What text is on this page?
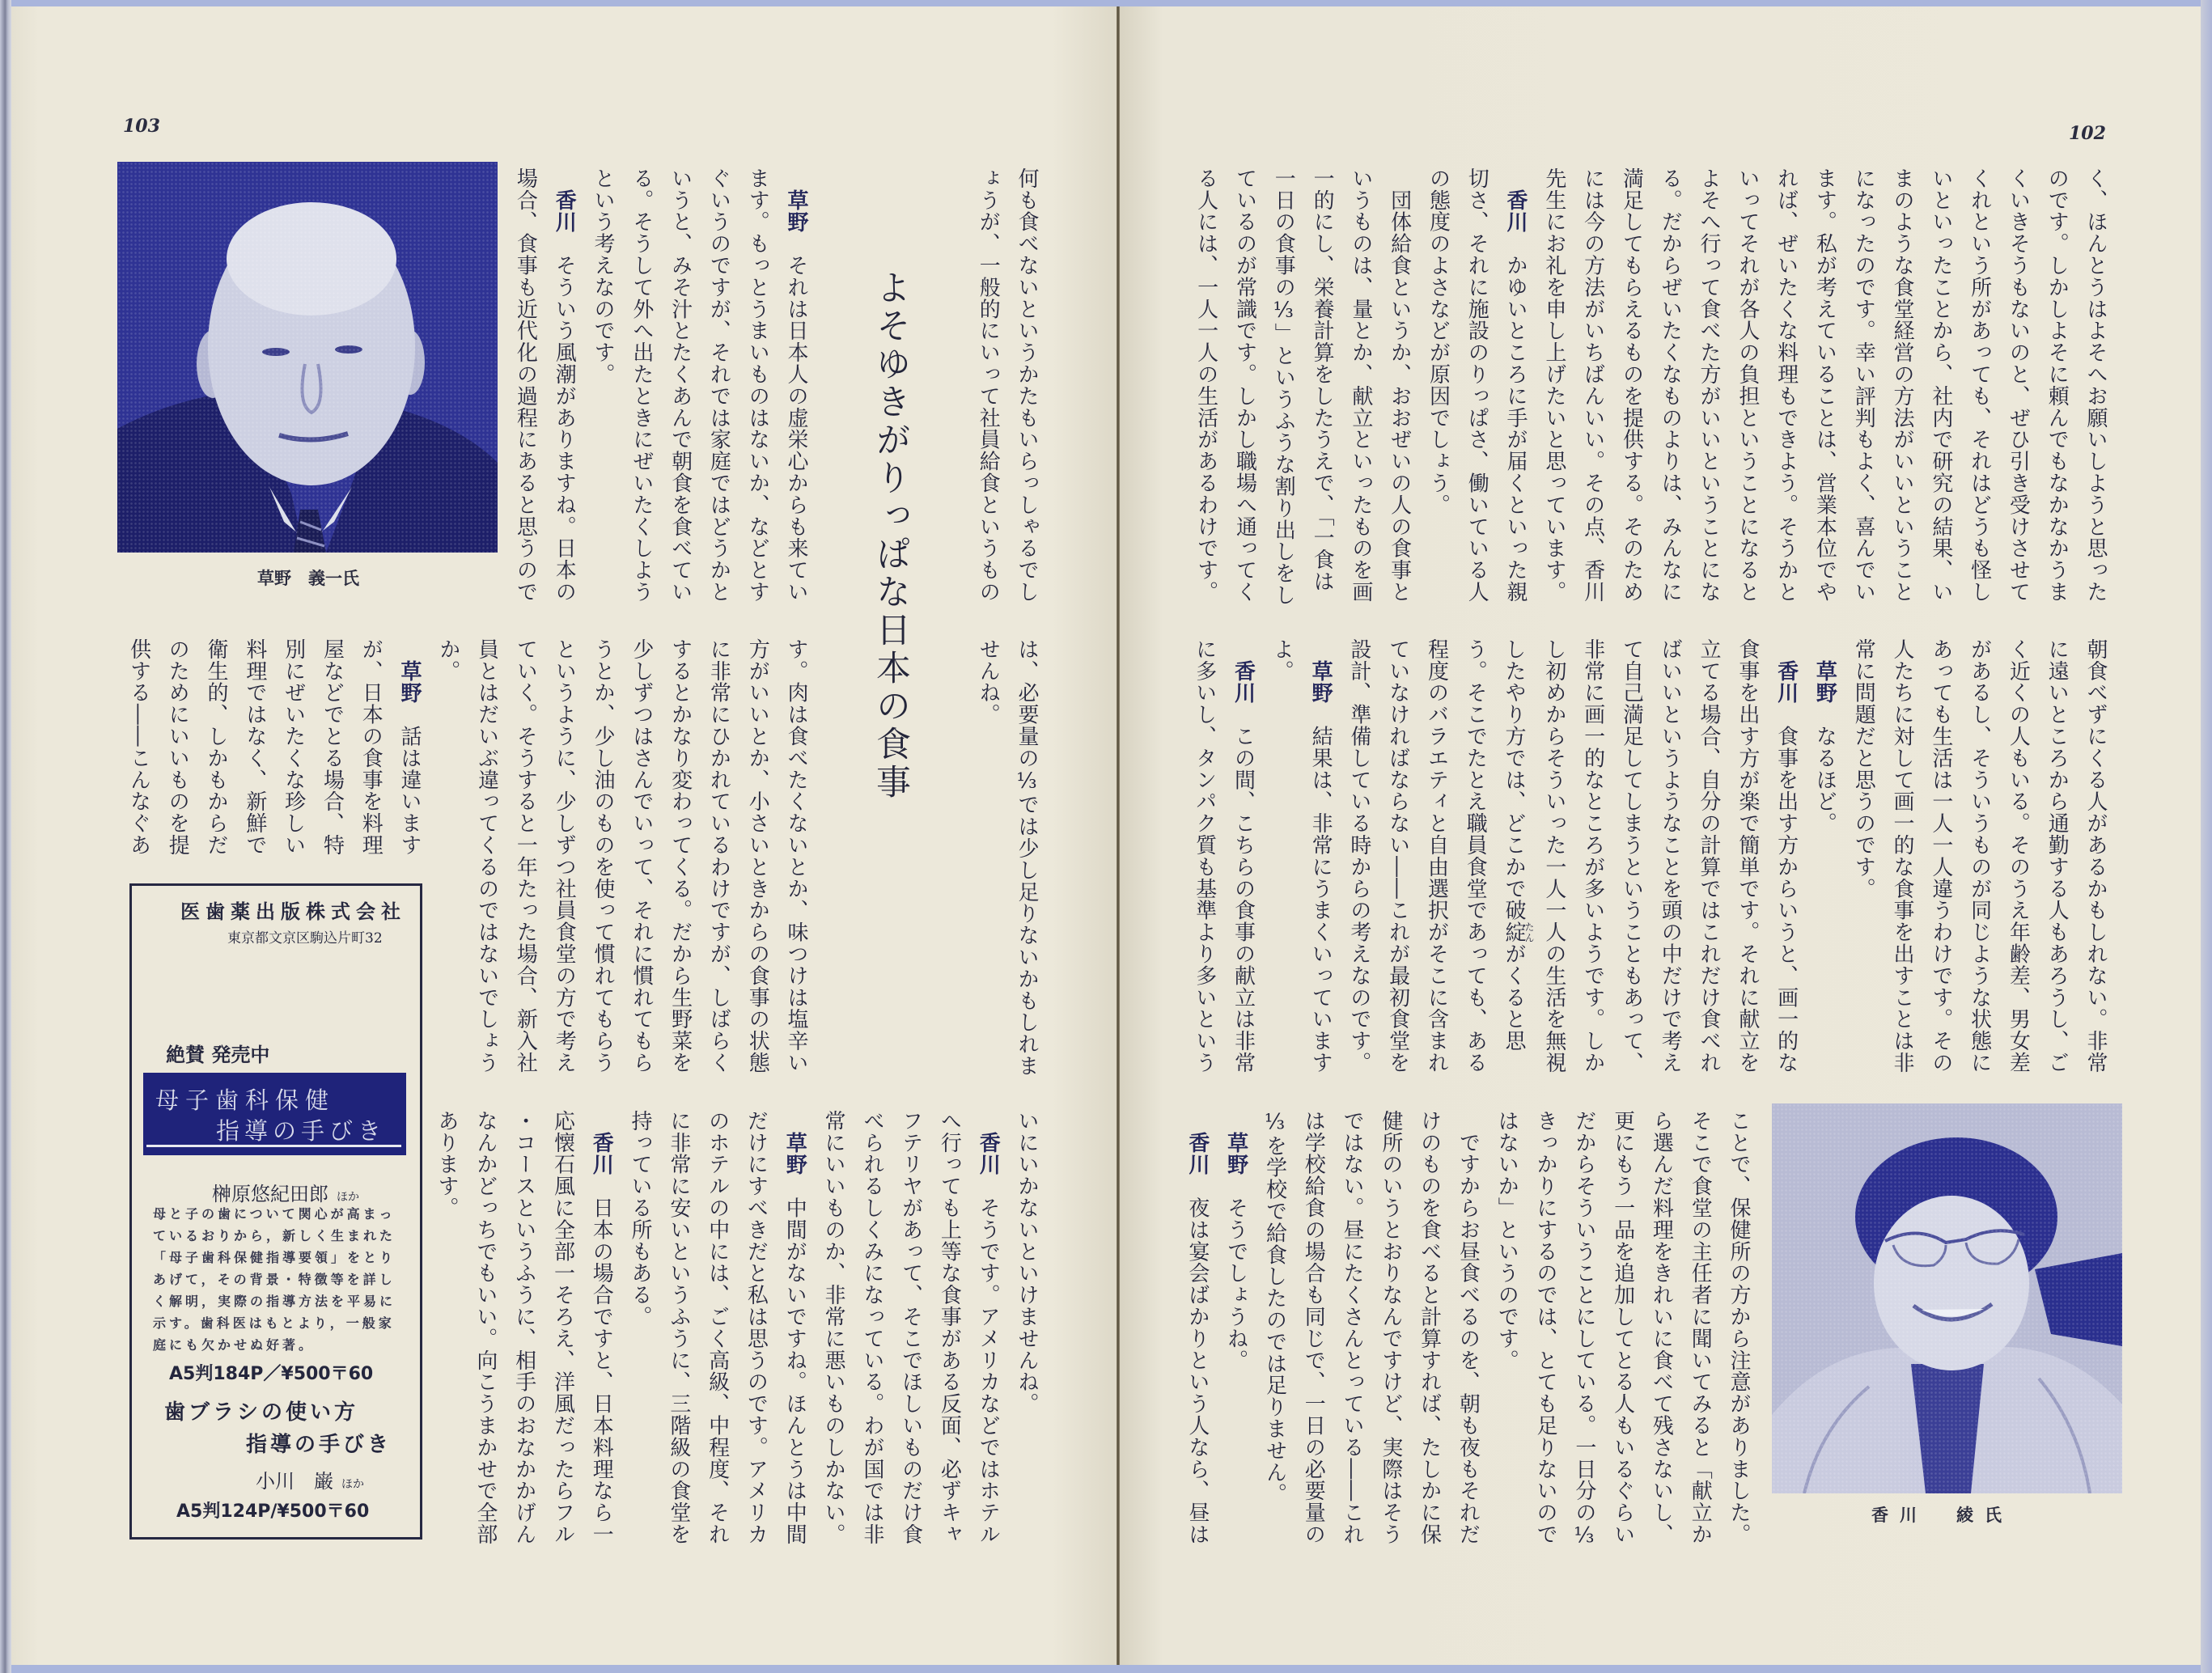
103
草野　義一氏	よそゆきがりっぱな日本の食事	何も食べないというかたもいらっしゃるでし
ょうが、一般的にいって社員給食というもの
草野それは日本人の虚栄心からも来てい
ます。もっとうまいものはないか、などとす
ぐいうのですが、それでは家庭ではどうかと
いうと、みそ汁とたくあんで朝食を食べてい
る。そうして外へ出たときにぜいたくしよう
という考えなのです。
香川そういう風潮がありますね。日本の
場合、食事も近代化の過程にあると思うので
は、必要量の⅓では少し足りないかもしれま
せんね。
す。肉は食べたくないとか、味つけは塩辛い
方がいいとか、小さいときからの食事の状態
に非常にひかれているわけですが、しばらく
するとかなり変わってくる。だから生野菜を
少しずつはさんでいって、それに慣れてもら
うとか、少し油のものを使って慣れてもらう
というように、少しずつ社員食堂の方で考え
ていく。そうすると一年たった場合、新入社
員とはだいぶ違ってくるのではないでしょう
か。
草野話は違います
が、日本の食事を料理
屋などでとる場合、特
別にぜいたくな珍しい
料理ではなく、新鮮で
衛生的、しかもからだ
のためにいいものを提
供する――こんなぐあ
いにいかないといけませんね。
香川そうです。アメリカなどではホテル
へ行っても上等な食事がある反面、必ずキャ
フテリヤがあって、そこでほしいものだけ食
べられるしくみになっている。わが国では非
常にいいものか、非常に悪いものしかない。
草野中間がないですね。ほんとうは中間
だけにすべきだと私は思うのです。アメリカ
のホテルの中には、ごく高級、中程度、それ
に非常に安いというふうに、三階級の食堂を
持っている所もある。
香川日本の場合ですと、日本料理なら一
応懐石風に全部一そろえ、洋風だったらフル
・コースというふうに、相手のおなかかげん
なんかどっちでもいい。向こうまかせで全部
あります。
医歯薬出版株式会社
東京都文京区駒込片町32
絶賛 発売中

母子歯科保健

指導の手びき

榊原悠紀田郎 ほか
母と子の歯について関心が高まっ
ているおりから，新しく生まれた
「母子歯科保健指導要領」をとり
あげて，その背景・特徴等を詳し
く解明，実際の指導方法を平易に
示す。歯科医はもとより，一般家
庭にも欠かせぬ好著。
A5判184P／¥500〒60
歯ブラシの使い方
指導の手びき
小川　巌 ほか
A5判124P/¥500〒60
102
く、ほんとうはよそへお願いしようと思った
のです。しかしよそに頼んでもなかなかうま
くいきそうもないのと、ぜひ引き受けさせて
くれという所があっても、それはどうも怪し
いといったことから、社内で研究の結果、い
まのような食堂経営の方法がいいということ
になったのです。幸い評判もよく、喜んでい
ます。私が考えていることは、営業本位でや
れば、ぜいたくな料理もできよう。そうかと
いってそれが各人の負担ということになると
よそへ行って食べた方がいいということにな
る。だからぜいたくなものよりは、みんなに
満足してもらえるものを提供する。そのため
には今の方法がいちばんいい。その点、香川
先生にお礼を申し上げたいと思っています。
香川かゆいところに手が届くといった親
切さ、それに施設のりっぱさ、働いている人
の態度のよさなどが原因でしょう。
　団体給食というか、おおぜいの人の食事と
いうものは、量とか、献立といったものを画
一的にし、栄養計算をしたうえで、「一食は
一日の食事の⅓」というふうな割り出しをし
ているのが常識です。しかし職場へ通ってく
る人には、一人一人の生活があるわけです。
朝食べずにくる人があるかもしれない。非常
に遠いところから通勤する人もあろうし、ご
く近くの人もいる。そのうえ年齢差、男女差
があるし、そういうものが同じような状態に
あっても生活は一人一人違うわけです。その
人たちに対して画一的な食事を出すことは非
常に問題だと思うのです。
草野なるほど。
香川食事を出す方からいうと、画一的な
食事を出す方が楽で簡単です。それに献立を
立てる場合、自分の計算ではこれだけ食べれ
ばいいというようなことを頭の中だけで考え
て自己満足してしまうということもあって、
非常に画一的なところが多いようです。しか
し初めからそういった一人一人の生活を無視
したやり方では、どこかで破綻たんがくると思
う。そこでたとえ職員食堂であっても、ある
程度のバラエティと自由選択がそこに含まれ
ていなければならない――これが最初食堂を
設計、準備している時からの考えなのです。
草野結果は、非常にうまくいっています
よ。
香川この間、こちらの食事の献立は非常
に多いし、タンパク質も基準より多いという
ことで、保健所の方から注意がありました。
そこで食堂の主任者に聞いてみると「献立か
ら選んだ料理をきれいに食べて残さないし、
更にもう一品を追加してとる人もいるぐらい
だからそういうことにしている。一日分の⅓
きっかりにするのでは、とても足りないので
はないか」というのです。
　ですからお昼食べるのを、朝も夜もそれだ
けのものを食べると計算すれば、たしかに保
健所のいうとおりなんですけど、実際はそう
ではない。昼にたくさんとっている――これ
は学校給食の場合も同じで、一日の必要量の
⅓を学校で給食したのでは足りません。
草野そうでしょうね。
香川夜は宴会ばかりという人なら、昼は	香川　綾氏
